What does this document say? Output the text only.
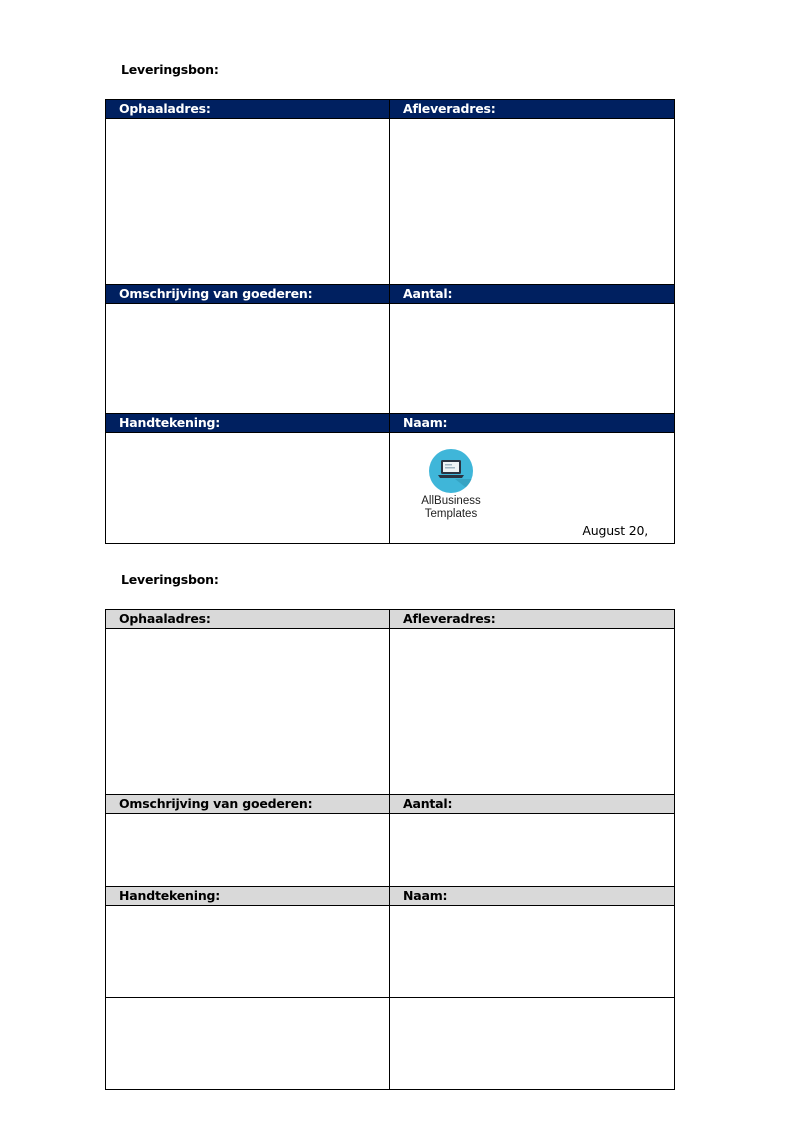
Leveringsbon:
Ophaaladres:	Afleveradres:

Omschrijving van goederen:	Aantal:

Handtekening:	Naam:

	AllBusiness
Templates
August 20,
Leveringsbon:
Ophaaladres:	Afleveradres:

Omschrijving van goederen:	Aantal:

Handtekening:	Naam:
